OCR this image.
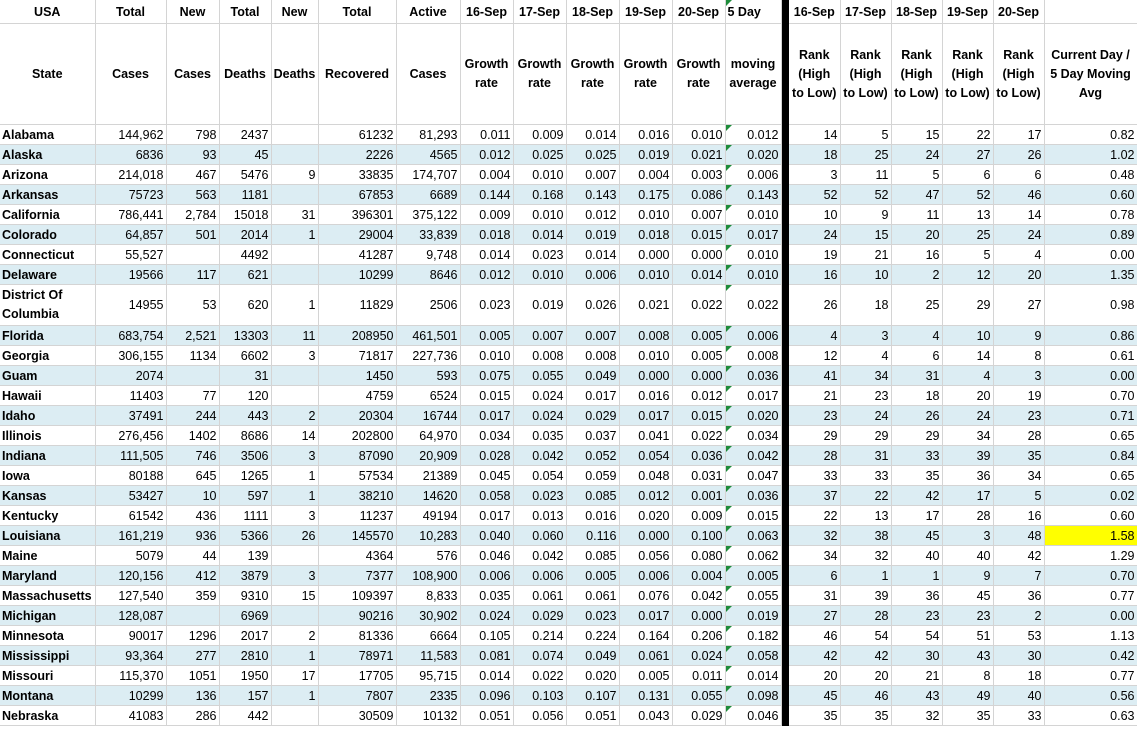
USA	Total	New	Total	New	Total	Active	16-Sep	17-Sep	18-Sep	19-Sep	20-Sep	5 Day		16-Sep	17-Sep	18-Sep	19-Sep	20-Sep	
State	Cases	Cases	Deaths	Deaths	Recovered	Cases	Growth rate	Growth rate	Growth rate	Growth rate	Growth rate	moving average		Rank (High to Low)	Rank (High to Low)	Rank (High to Low)	Rank (High to Low)	Rank (High to Low)	Current Day / 5 Day Moving Avg
Alabama	144,962	798	2437		61232	81,293	0.011	0.009	0.014	0.016	0.010	0.012		14	5	15	22	17	0.82
Alaska	6836	93	45		2226	4565	0.012	0.025	0.025	0.019	0.021	0.020		18	25	24	27	26	1.02
Arizona	214,018	467	5476	9	33835	174,707	0.004	0.010	0.007	0.004	0.003	0.006		3	11	5	6	6	0.48
Arkansas	75723	563	1181		67853	6689	0.144	0.168	0.143	0.175	0.086	0.143		52	52	47	52	46	0.60
California	786,441	2,784	15018	31	396301	375,122	0.009	0.010	0.012	0.010	0.007	0.010		10	9	11	13	14	0.78
Colorado	64,857	501	2014	1	29004	33,839	0.018	0.014	0.019	0.018	0.015	0.017		24	15	20	25	24	0.89
Connecticut	55,527		4492		41287	9,748	0.014	0.023	0.014	0.000	0.000	0.010		19	21	16	5	4	0.00
Delaware	19566	117	621		10299	8646	0.012	0.010	0.006	0.010	0.014	0.010		16	10	2	12	20	1.35
District Of Columbia	14955	53	620	1	11829	2506	0.023	0.019	0.026	0.021	0.022	0.022		26	18	25	29	27	0.98
Florida	683,754	2,521	13303	11	208950	461,501	0.005	0.007	0.007	0.008	0.005	0.006		4	3	4	10	9	0.86
Georgia	306,155	1134	6602	3	71817	227,736	0.010	0.008	0.008	0.010	0.005	0.008		12	4	6	14	8	0.61
Guam	2074		31		1450	593	0.075	0.055	0.049	0.000	0.000	0.036		41	34	31	4	3	0.00
Hawaii	11403	77	120		4759	6524	0.015	0.024	0.017	0.016	0.012	0.017		21	23	18	20	19	0.70
Idaho	37491	244	443	2	20304	16744	0.017	0.024	0.029	0.017	0.015	0.020		23	24	26	24	23	0.71
Illinois	276,456	1402	8686	14	202800	64,970	0.034	0.035	0.037	0.041	0.022	0.034		29	29	29	34	28	0.65
Indiana	111,505	746	3506	3	87090	20,909	0.028	0.042	0.052	0.054	0.036	0.042		28	31	33	39	35	0.84
Iowa	80188	645	1265	1	57534	21389	0.045	0.054	0.059	0.048	0.031	0.047		33	33	35	36	34	0.65
Kansas	53427	10	597	1	38210	14620	0.058	0.023	0.085	0.012	0.001	0.036		37	22	42	17	5	0.02
Kentucky	61542	436	1111	3	11237	49194	0.017	0.013	0.016	0.020	0.009	0.015		22	13	17	28	16	0.60
Louisiana	161,219	936	5366	26	145570	10,283	0.040	0.060	0.116	0.000	0.100	0.063		32	38	45	3	48	1.58
Maine	5079	44	139		4364	576	0.046	0.042	0.085	0.056	0.080	0.062		34	32	40	40	42	1.29
Maryland	120,156	412	3879	3	7377	108,900	0.006	0.006	0.005	0.006	0.004	0.005		6	1	1	9	7	0.70
Massachusetts	127,540	359	9310	15	109397	8,833	0.035	0.061	0.061	0.076	0.042	0.055		31	39	36	45	36	0.77
Michigan	128,087		6969		90216	30,902	0.024	0.029	0.023	0.017	0.000	0.019		27	28	23	23	2	0.00
Minnesota	90017	1296	2017	2	81336	6664	0.105	0.214	0.224	0.164	0.206	0.182		46	54	54	51	53	1.13
Mississippi	93,364	277	2810	1	78971	11,583	0.081	0.074	0.049	0.061	0.024	0.058		42	42	30	43	30	0.42
Missouri	115,370	1051	1950	17	17705	95,715	0.014	0.022	0.020	0.005	0.011	0.014		20	20	21	8	18	0.77
Montana	10299	136	157	1	7807	2335	0.096	0.103	0.107	0.131	0.055	0.098		45	46	43	49	40	0.56
Nebraska	41083	286	442		30509	10132	0.051	0.056	0.051	0.043	0.029	0.046		35	35	32	35	33	0.63
